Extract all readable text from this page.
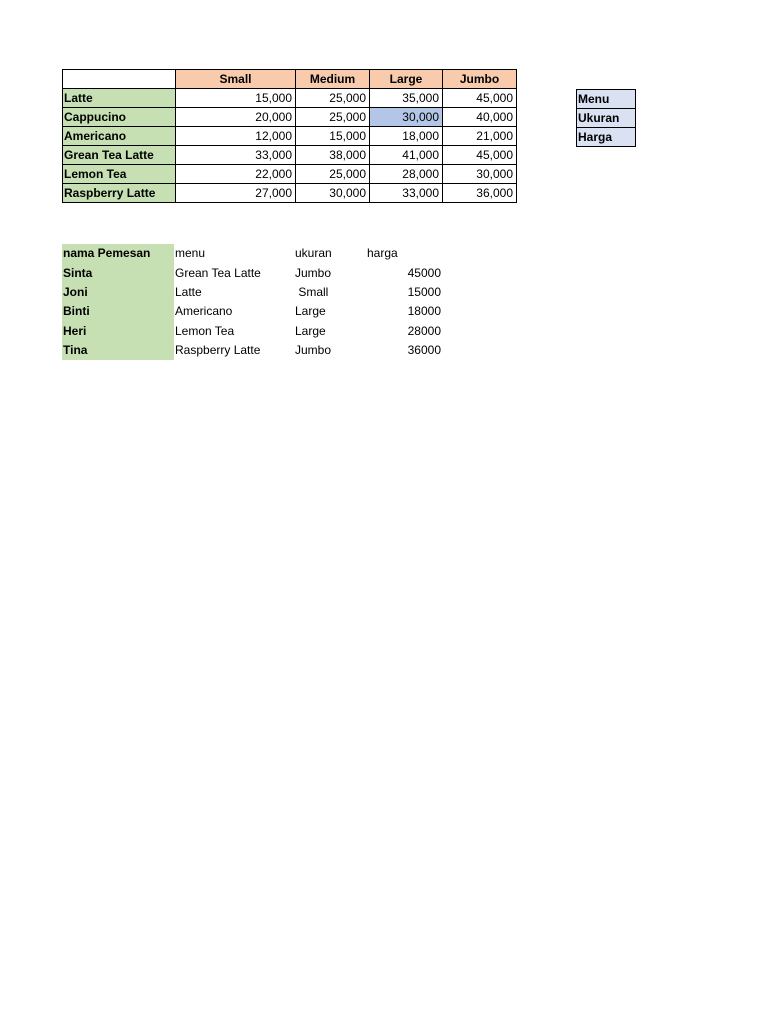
	Small	Medium	Large	Jumbo
Latte	15,000	25,000	35,000	45,000
Cappucino	20,000	25,000	30,000	40,000
Americano	12,000	15,000	18,000	21,000
Grean Tea Latte	33,000	38,000	41,000	45,000
Lemon Tea	22,000	25,000	28,000	30,000
Raspberry Latte	27,000	30,000	33,000	36,000
Menu
Ukuran
Harga
nama Pemesan	menu	ukuran	harga
Sinta	Grean Tea Latte	Jumbo	45000
Joni	Latte	Small	15000
Binti	Americano	Large	18000
Heri	Lemon Tea	Large	28000
Tina	Raspberry Latte	Jumbo	36000
